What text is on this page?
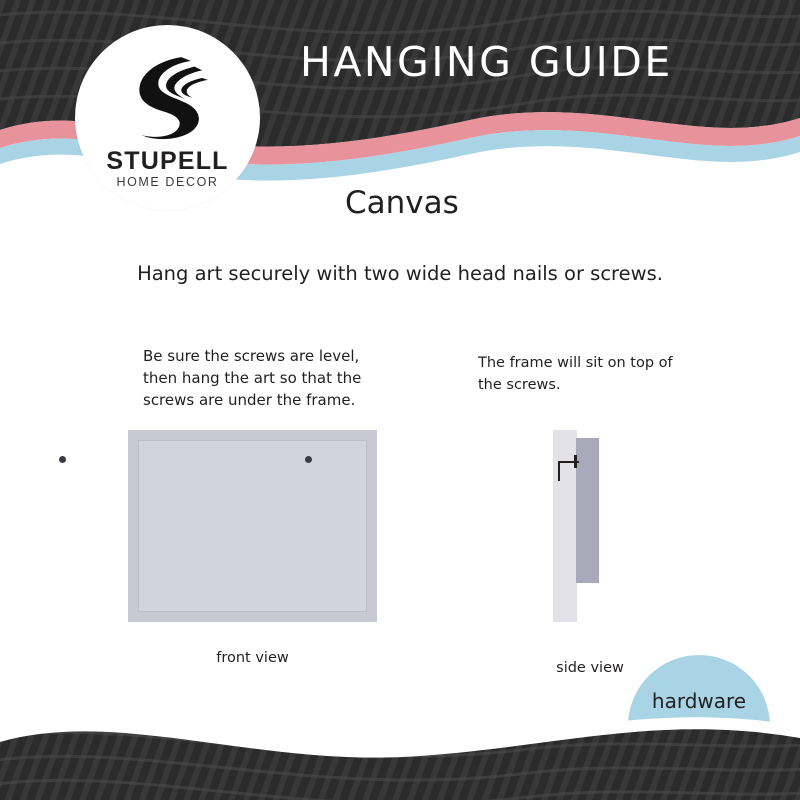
HANGING GUIDE
STUPELL
HOME DECOR
Canvas
Hang art securely with two wide head nails or screws.
Be sure the screws are level, then hang the art so that the screws are under the frame.
The frame will sit on top of the screws.
front view
side view
hardware
